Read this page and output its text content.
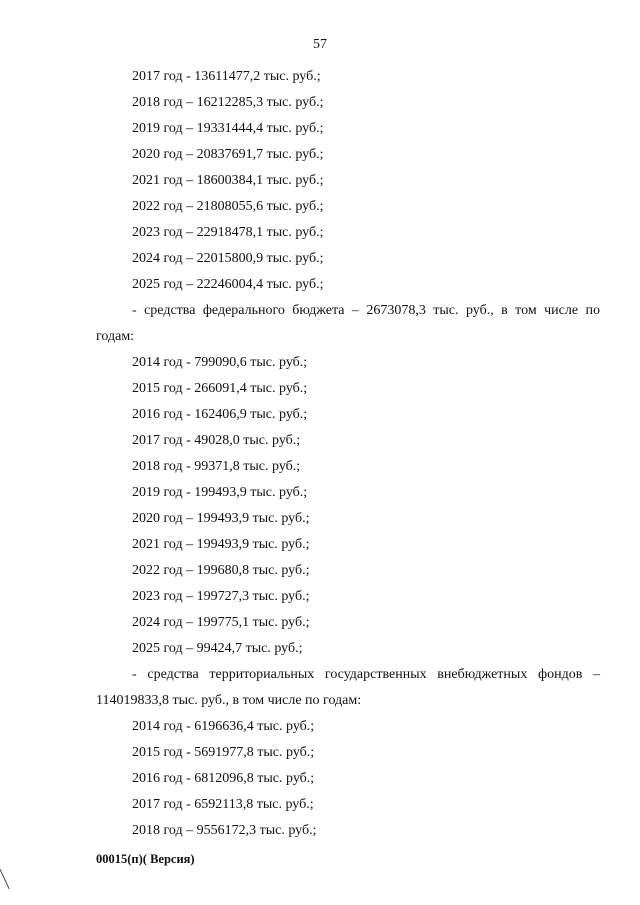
57
2017 год - 13611477,2 тыс. руб.;
2018 год – 16212285,3 тыс. руб.;
2019 год – 19331444,4 тыс. руб.;
2020 год – 20837691,7 тыс. руб.;
2021 год – 18600384,1 тыс. руб.;
2022 год – 21808055,6 тыс. руб.;
2023 год – 22918478,1 тыс. руб.;
2024 год – 22015800,9 тыс. руб.;
2025 год – 22246004,4 тыс. руб.;
- средства федерального бюджета – 2673078,3 тыс. руб., в том числе по
годам:
2014 год - 799090,6 тыс. руб.;
2015 год - 266091,4 тыс. руб.;
2016 год - 162406,9 тыс. руб.;
2017 год - 49028,0 тыс. руб.;
2018 год - 99371,8 тыс. руб.;
2019 год - 199493,9 тыс. руб.;
2020 год – 199493,9 тыс. руб.;
2021 год – 199493,9 тыс. руб.;
2022 год – 199680,8 тыс. руб.;
2023 год – 199727,3 тыс. руб.;
2024 год – 199775,1 тыс. руб.;
2025 год – 99424,7 тыс. руб.;
- средства территориальных государственных внебюджетных фондов –
114019833,8 тыс. руб., в том числе по годам:
2014 год - 6196636,4 тыс. руб.;
2015 год - 5691977,8 тыс. руб.;
2016 год - 6812096,8 тыс. руб.;
2017 год - 6592113,8 тыс. руб.;
2018 год – 9556172,3 тыс. руб.;
00015(п)( Версия)
